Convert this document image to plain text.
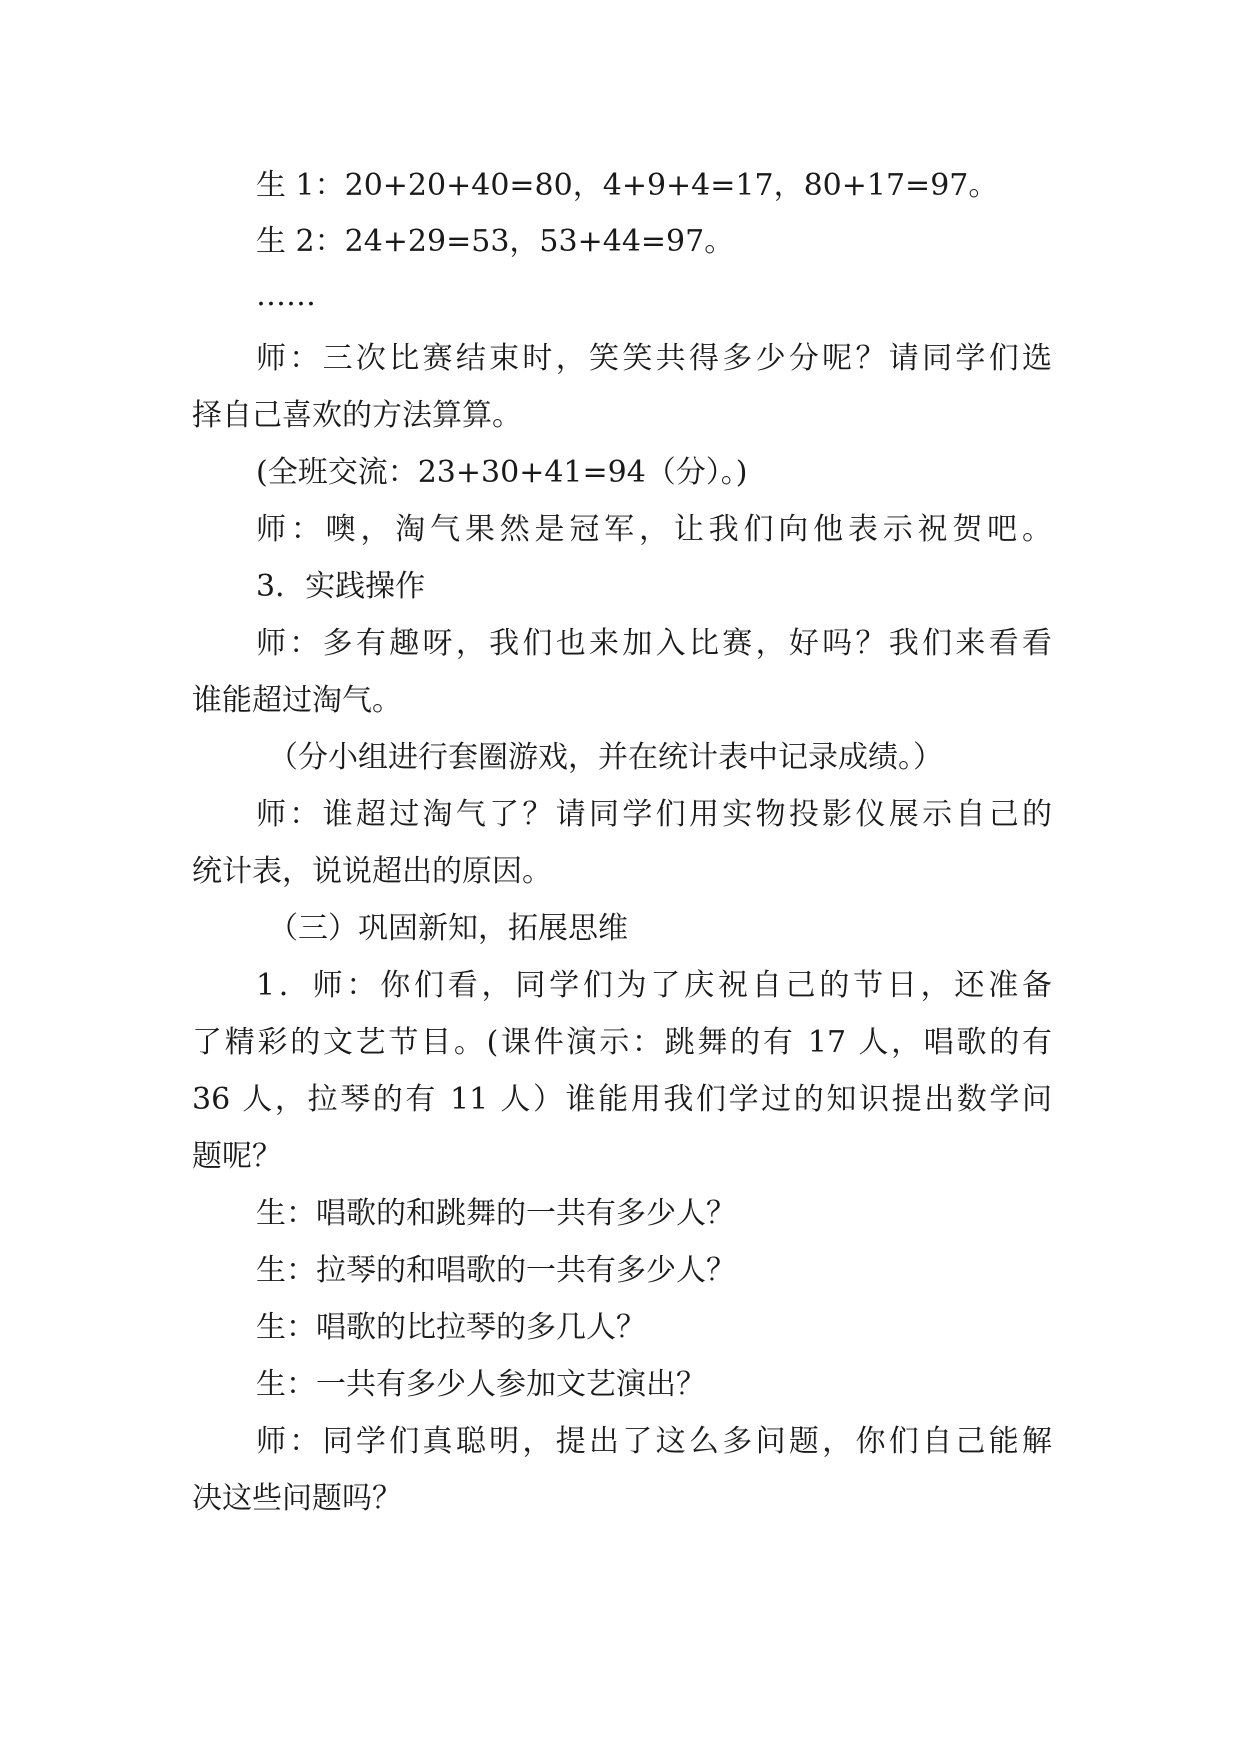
生 1：20+20+40=80，4+9+4=17，80+17=97。
生 2：24+29=53，53+44=97。
……
师：三次比赛结束时，笑笑共得多少分呢？请同学们选
择自己喜欢的方法算算。
(全班交流：23+30+41=94（分）。)
师：噢，淘气果然是冠军，让我们向他表示祝贺吧。
3．实践操作
师：多有趣呀，我们也来加入比赛，好吗？我们来看看
谁能超过淘气。
（分小组进行套圈游戏，并在统计表中记录成绩。）
师：谁超过淘气了？请同学们用实物投影仪展示自己的
统计表，说说超出的原因。
（三）巩固新知，拓展思维
1．师：你们看，同学们为了庆祝自己的节日，还准备
了精彩的文艺节目。(课件演示：跳舞的有 17 人，唱歌的有
36 人，拉琴的有 11 人）谁能用我们学过的知识提出数学问
题呢？
生：唱歌的和跳舞的一共有多少人？
生：拉琴的和唱歌的一共有多少人？
生：唱歌的比拉琴的多几人？
生：一共有多少人参加文艺演出？
师：同学们真聪明，提出了这么多问题，你们自己能解
决这些问题吗？
